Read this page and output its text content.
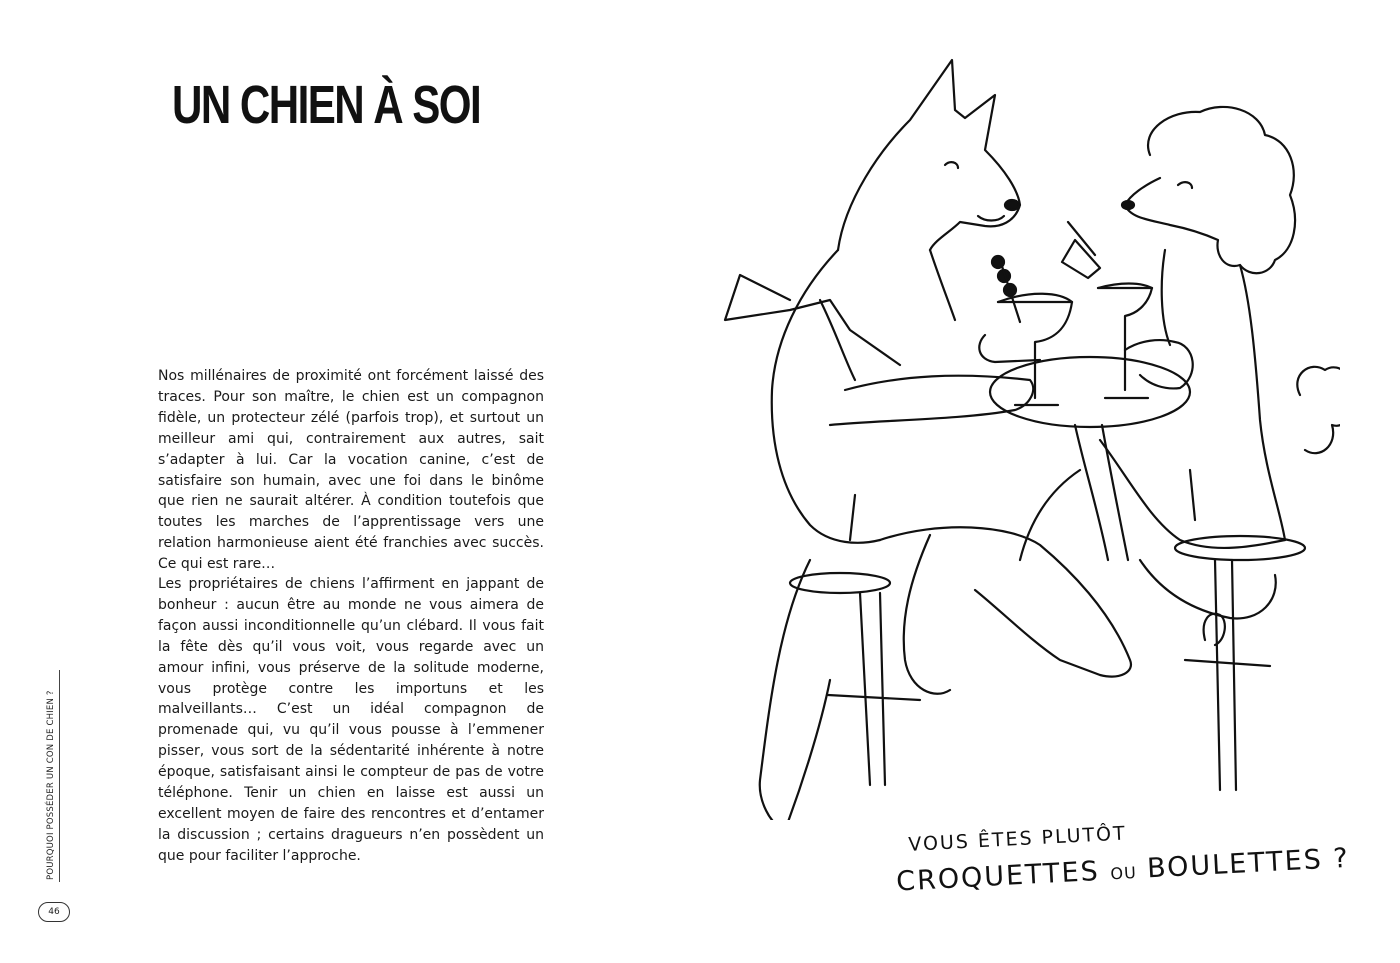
UN CHIEN À SOI

Nos millénaires de proximité ont forcément laissé des traces. Pour son maître, le chien est un compagnon fidèle, un protecteur zélé (parfois trop), et surtout un meilleur ami qui, contrairement aux autres, sait s’adapter à lui. Car la vocation canine, c’est de satisfaire son humain, avec une foi dans le binôme que rien ne saurait altérer. À condition toutefois que toutes les marches de l’apprentissage vers une relation harmonieuse aient été franchies avec succès. Ce qui est rare…

Les propriétaires de chiens l’affirment en jappant de bonheur : aucun être au monde ne vous aimera de façon aussi inconditionnelle qu’un clébard. Il vous fait la fête dès qu’il vous voit, vous regarde avec un amour infini, vous préserve de la solitude moderne, vous protège contre les importuns et les malveillants… C’est un idéal compagnon de promenade qui, vu qu’il vous pousse à l’emmener pisser, vous sort de la sédentarité inhérente à notre époque, satisfaisant ainsi le compteur de pas de votre téléphone. Tenir un chien en laisse est aussi un excellent moyen de faire des rencontres et d’entamer la discussion ; certains dragueurs n’en possèdent un que pour faciliter l’approche.

POURQUOI POSSÉDER UN CON DE CHIEN ?
46
VOUS ÊTES PLUTÔT
CROQUETTES OU BOULETTES ?
